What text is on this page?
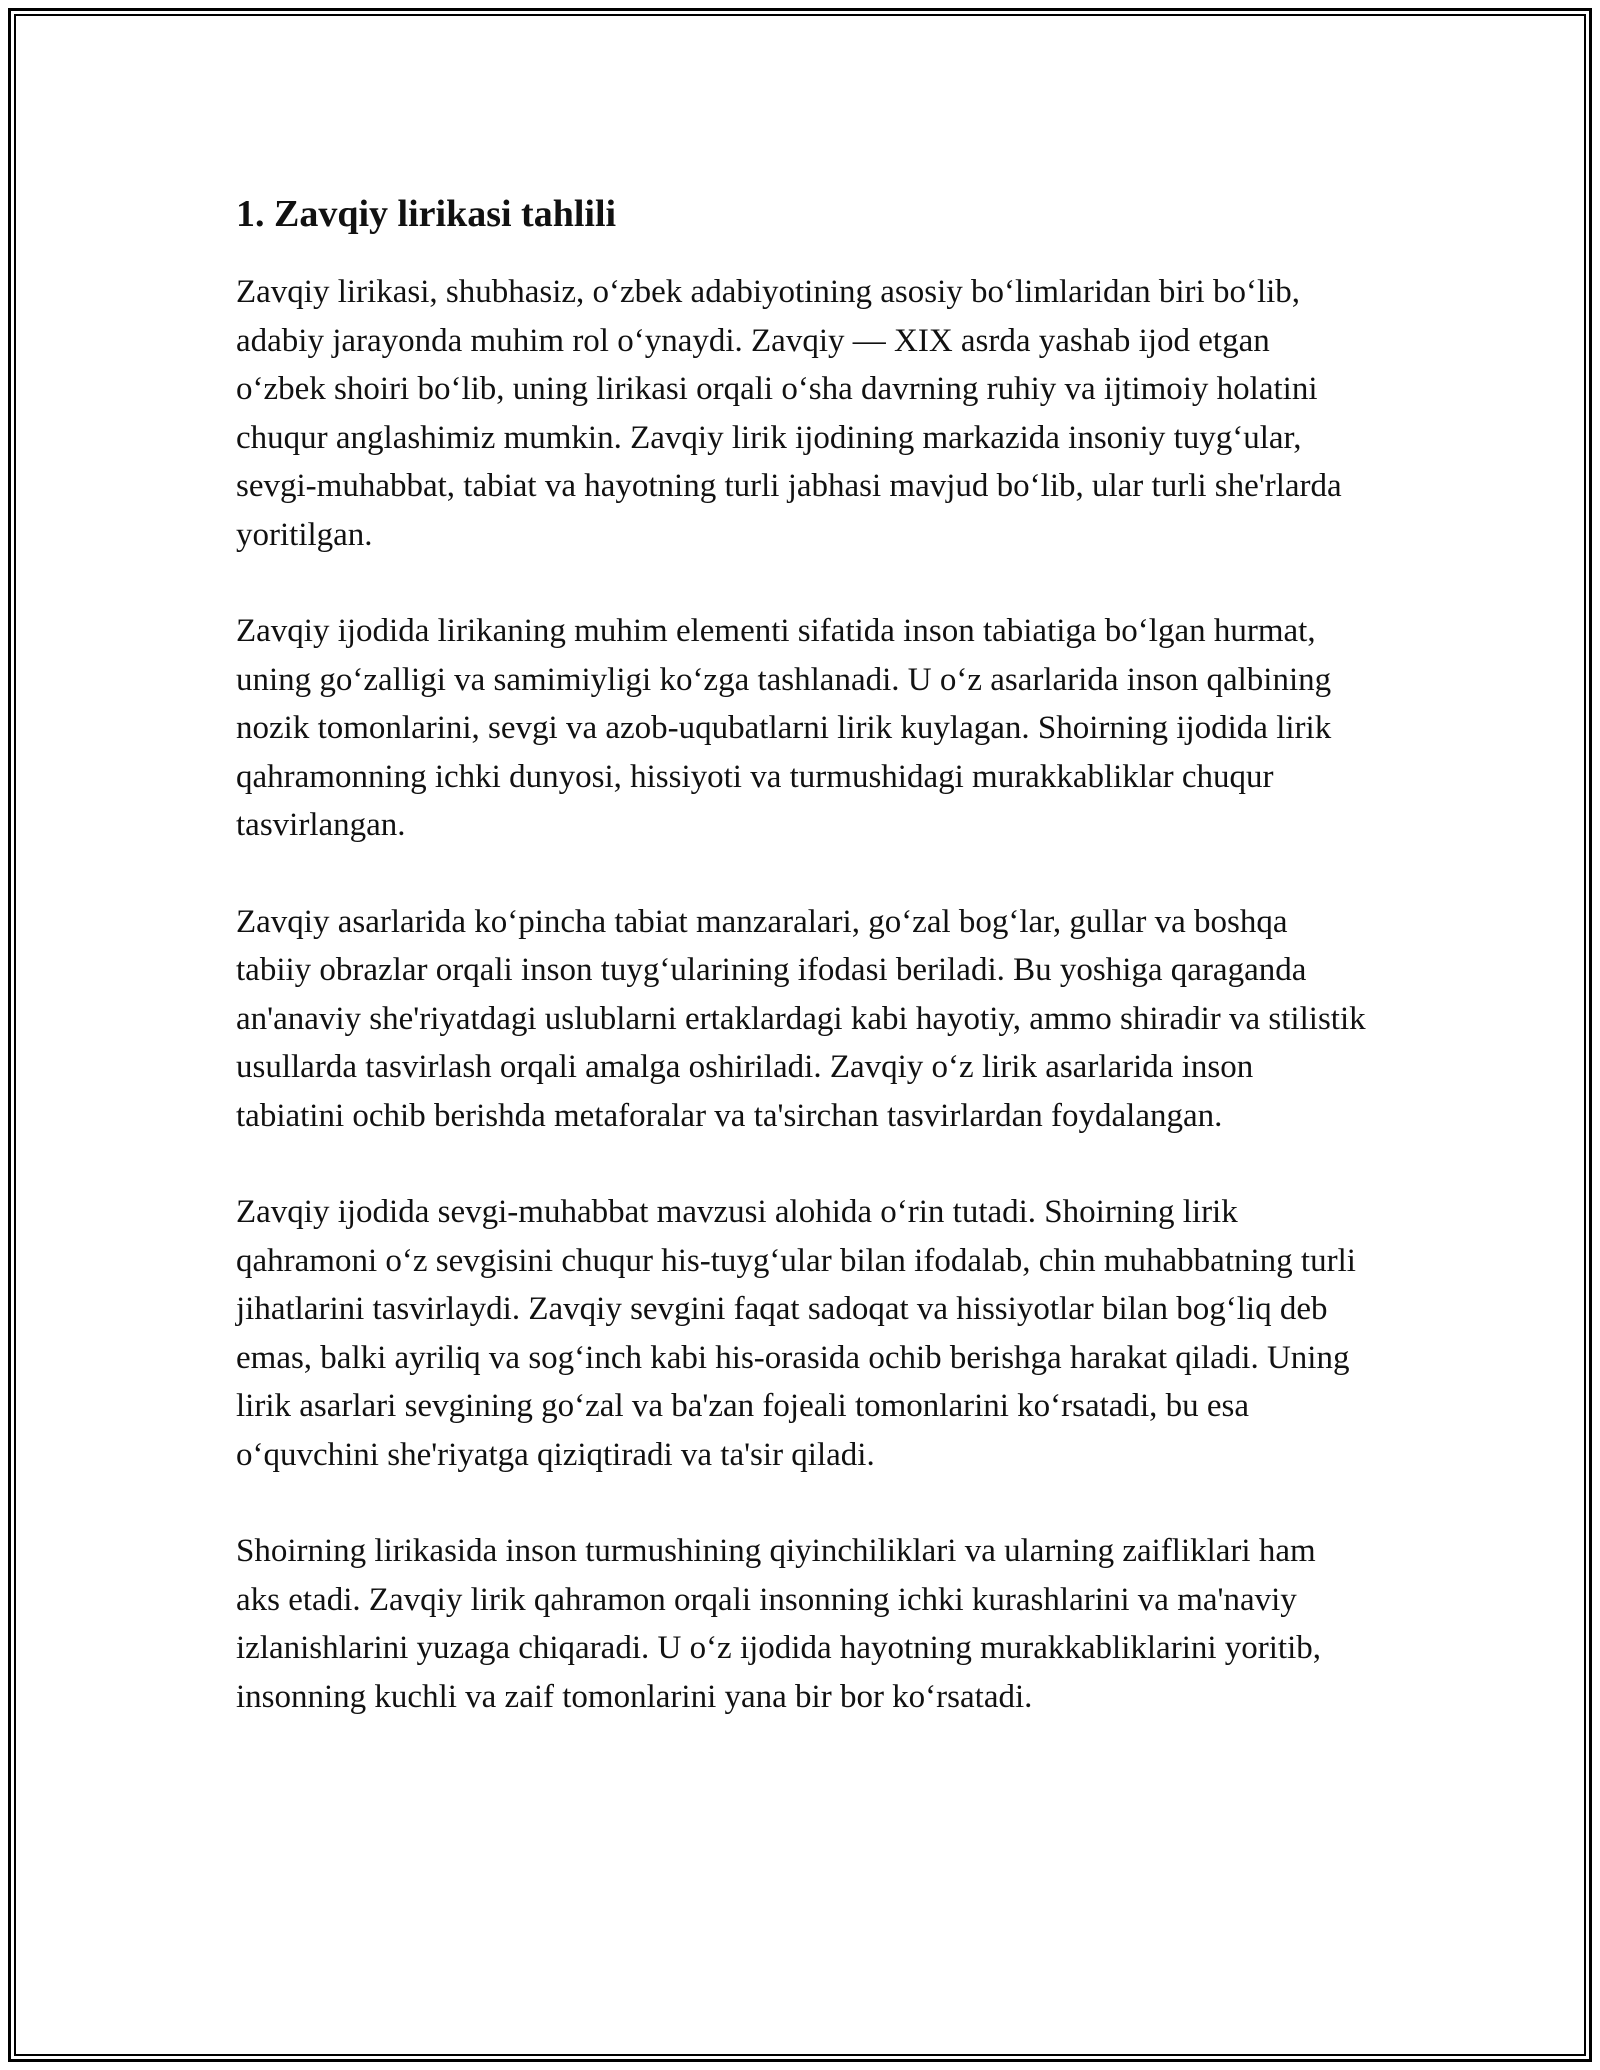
1. Zavqiy lirikasi tahlili

Zavqiy lirikasi, shubhasiz, o‘zbek adabiyotining asosiy bo‘limlaridan biri bo‘lib, adabiy jarayonda muhim rol o‘ynaydi. Zavqiy — XIX asrda yashab ijod etgan o‘zbek shoiri bo‘lib, uning lirikasi orqali o‘sha davrning ruhiy va ijtimoiy holatini chuqur anglashimiz mumkin. Zavqiy lirik ijodining markazida insoniy tuyg‘ular, sevgi-muhabbat, tabiat va hayotning turli jabhasi mavjud bo‘lib, ular turli she'rlarda yoritilgan.

Zavqiy ijodida lirikaning muhim elementi sifatida inson tabiatiga bo‘lgan hurmat, uning go‘zalligi va samimiyligi ko‘zga tashlanadi. U o‘z asarlarida inson qalbining nozik tomonlarini, sevgi va azob-uqubatlarni lirik kuylagan. Shoirning ijodida lirik qahramonning ichki dunyosi, hissiyoti va turmushidagi murakkabliklar chuqur tasvirlangan.

Zavqiy asarlarida ko‘pincha tabiat manzaralari, go‘zal bog‘lar, gullar va boshqa tabiiy obrazlar orqali inson tuyg‘ularining ifodasi beriladi. Bu yoshiga qaraganda an'anaviy she'riyatdagi uslublarni ertaklardagi kabi hayotiy, ammo shiradir va stilistik usullarda tasvirlash orqali amalga oshiriladi. Zavqiy o‘z lirik asarlarida inson tabiatini ochib berishda metaforalar va ta'sirchan tasvirlardan foydalangan.

Zavqiy ijodida sevgi-muhabbat mavzusi alohida o‘rin tutadi. Shoirning lirik qahramoni o‘z sevgisini chuqur his-tuyg‘ular bilan ifodalab, chin muhabbatning turli jihatlarini tasvirlaydi. Zavqiy sevgini faqat sadoqat va hissiyotlar bilan bog‘liq deb emas, balki ayriliq va sog‘inch kabi his-orasida ochib berishga harakat qiladi. Uning lirik asarlari sevgining go‘zal va ba'zan fojeali tomonlarini ko‘rsatadi, bu esa o‘quvchini she'riyatga qiziqtiradi va ta'sir qiladi.

Shoirning lirikasida inson turmushining qiyinchiliklari va ularning zaifliklari ham aks etadi. Zavqiy lirik qahramon orqali insonning ichki kurashlarini va ma'naviy izlanishlarini yuzaga chiqaradi. U o‘z ijodida hayotning murakkabliklarini yoritib, insonning kuchli va zaif tomonlarini yana bir bor ko‘rsatadi.
